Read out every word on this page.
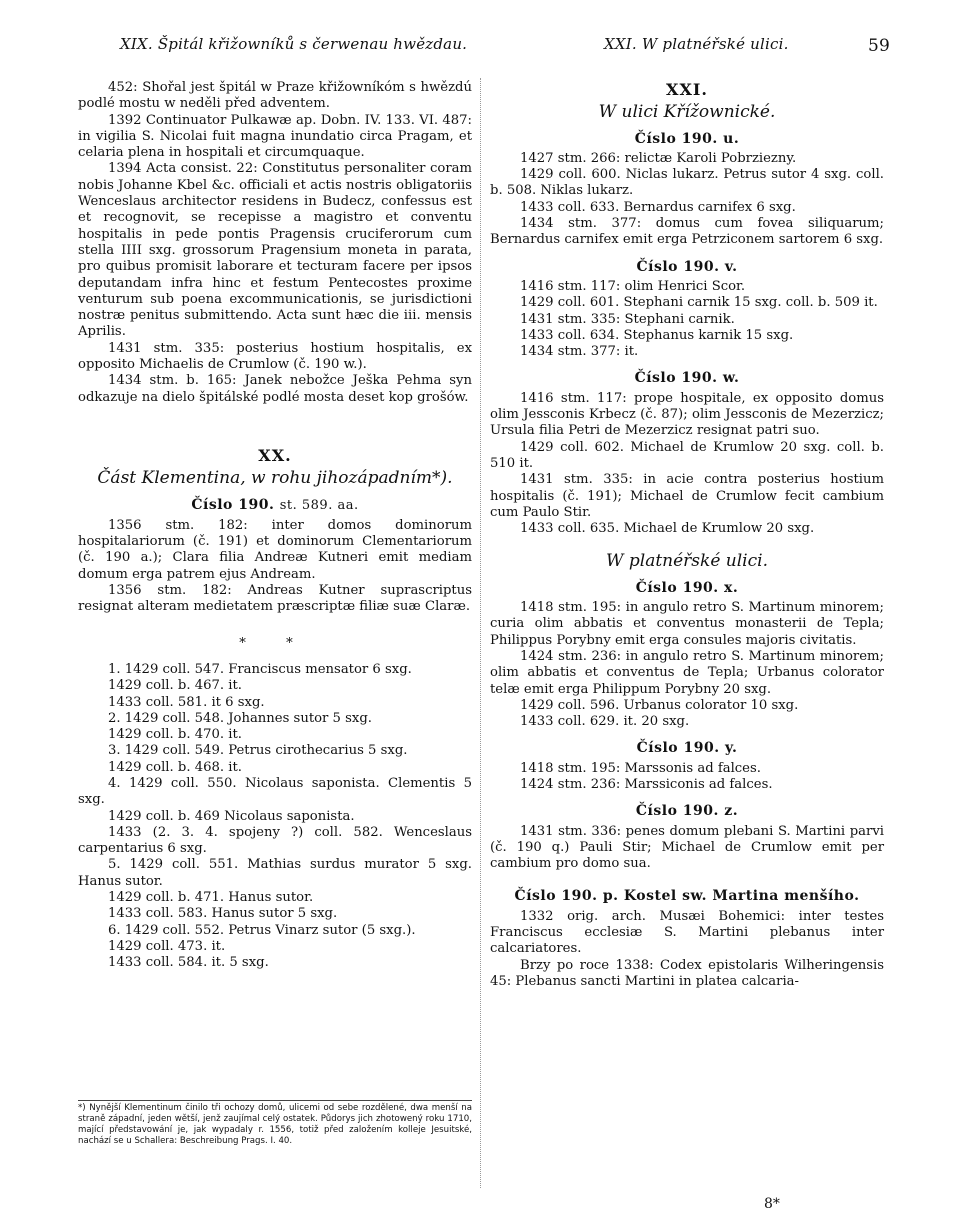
XIX. Špitál křižowníků s čerwenau hwězdau.	XXI. W platnéřské ulici.	59

452: Shořal jest špitál w Praze křižowníkóm s hwězdú podlé mostu w neděli před adventem.

1392 Continuator Pulkawæ ap. Dobn. IV. 133. VI. 487: in vigilia S. Nicolai fuit magna inundatio circa Pragam, et celaria plena in hospitali et circumquaque.

1394 Acta consist. 22: Constitutus personaliter coram nobis Johanne Kbel &c. officiali et actis nostris obligatoriis Wenceslaus architector residens in Budecz, confessus est et recognovit, se recepisse a magistro et conventu hospitalis in pede pontis Pragensis cruciferorum cum stella IIII sxg. grossorum Pragensium moneta in parata, pro quibus promisit laborare et tecturam facere per ipsos deputandam infra hinc et festum Pentecostes proxime venturum sub poena excommunicationis, se jurisdictioni nostræ penitus submittendo. Acta sunt hæc die iii. mensis Aprilis.

1431 stm. 335: posterius hostium hospitalis, ex opposito Michaelis de Crumlow (č. 190 w.).

1434 stm. b. 165: Janek nebožce Ješka Pehma syn odkazuje na dielo špitálské podlé mosta deset kop grošów.

XX.
Část Klementina, w rohu jihozápadním*).
Číslo 190. st. 589. aa.

1356 stm. 182: inter domos dominorum hospitalariorum (č. 191) et dominorum Clementariorum (č. 190 a.); Clara filia Andreæ Kutneri emit mediam domum erga patrem ejus Andream.

1356 stm. 182: Andreas Kutner suprascriptus resignat alteram medietatem præscriptæ filiæ suæ Claræ.

* *

1. 1429 coll. 547. Franciscus mensator 6 sxg.

1429 coll. b. 467. it.

1433 coll. 581. it 6 sxg.

2. 1429 coll. 548. Johannes sutor 5 sxg.

1429 coll. b. 470. it.

3. 1429 coll. 549. Petrus cirothecarius 5 sxg.

1429 coll. b. 468. it.

4. 1429 coll. 550. Nicolaus saponista. Clementis 5 sxg.

1429 coll. b. 469 Nicolaus saponista.

1433 (2. 3. 4. spojeny ?) coll. 582. Wenceslaus carpentarius 6 sxg.

5. 1429 coll. 551. Mathias surdus murator 5 sxg. Hanus sutor.

1429 coll. b. 471. Hanus sutor.

1433 coll. 583. Hanus sutor 5 sxg.

6. 1429 coll. 552. Petrus Vinarz sutor (5 sxg.).

1429 coll. 473. it.

1433 coll. 584. it. 5 sxg.

*) Nynější Klementinum činilo tři ochozy domů, ulicemi od sebe rozdělené, dwa menší na straně západní, jeden wětší, jenž zaujímal celý ostatek. Půdorys jich zhotowený roku 1710, mající představowání je, jak wypadaly r. 1556, totiž před založením kolleje Jesuitské, nachází se u Schallera: Beschreibung Prags. I. 40.
XXI.
W ulici Křížownické.
Číslo 190. u.

1427 stm. 266: relictæ Karoli Pobrziezny.

1429 coll. 600. Niclas lukarz. Petrus sutor 4 sxg. coll. b. 508. Niklas lukarz.

1433 coll. 633. Bernardus carnifex 6 sxg.

1434 stm. 377: domus cum fovea siliquarum; Bernardus carnifex emit erga Petrziconem sartorem 6 sxg.

Číslo 190. v.

1416 stm. 117: olim Henrici Scor.

1429 coll. 601. Stephani carnik 15 sxg. coll. b. 509 it.

1431 stm. 335: Stephani carnik.

1433 coll. 634. Stephanus karnik 15 sxg.

1434 stm. 377: it.

Číslo 190. w.

1416 stm. 117: prope hospitale, ex opposito domus olim Jessconis Krbecz (č. 87); olim Jessconis de Mezerzicz; Ursula filia Petri de Mezerzicz resignat patri suo.

1429 coll. 602. Michael de Krumlow 20 sxg. coll. b. 510 it.

1431 stm. 335: in acie contra posterius hostium hospitalis (č. 191); Michael de Crumlow fecit cambium cum Paulo Stir.

1433 coll. 635. Michael de Krumlow 20 sxg.

W platnéřské ulici.
Číslo 190. x.

1418 stm. 195: in angulo retro S. Martinum minorem; curia olim abbatis et conventus monasterii de Tepla; Philippus Porybny emit erga consules majoris civitatis.

1424 stm. 236: in angulo retro S. Martinum minorem; olim abbatis et conventus de Tepla; Urbanus colorator telæ emit erga Philippum Porybny 20 sxg.

1429 coll. 596. Urbanus colorator 10 sxg.

1433 coll. 629. it. 20 sxg.

Číslo 190. y.

1418 stm. 195: Marssonis ad falces.

1424 stm. 236: Marssiconis ad falces.

Číslo 190. z.

1431 stm. 336: penes domum plebani S. Martini parvi (č. 190 q.) Pauli Stir; Michael de Crumlow emit per cambium pro domo sua.

Číslo 190. p. Kostel sw. Martina menšího.

1332 orig. arch. Musæi Bohemici: inter testes Franciscus ecclesiæ S. Martini plebanus inter calcariatores.

Brzy po roce 1338: Codex epistolaris Wilheringensis 45: Plebanus sancti Martini in platea calcaria-

8*
